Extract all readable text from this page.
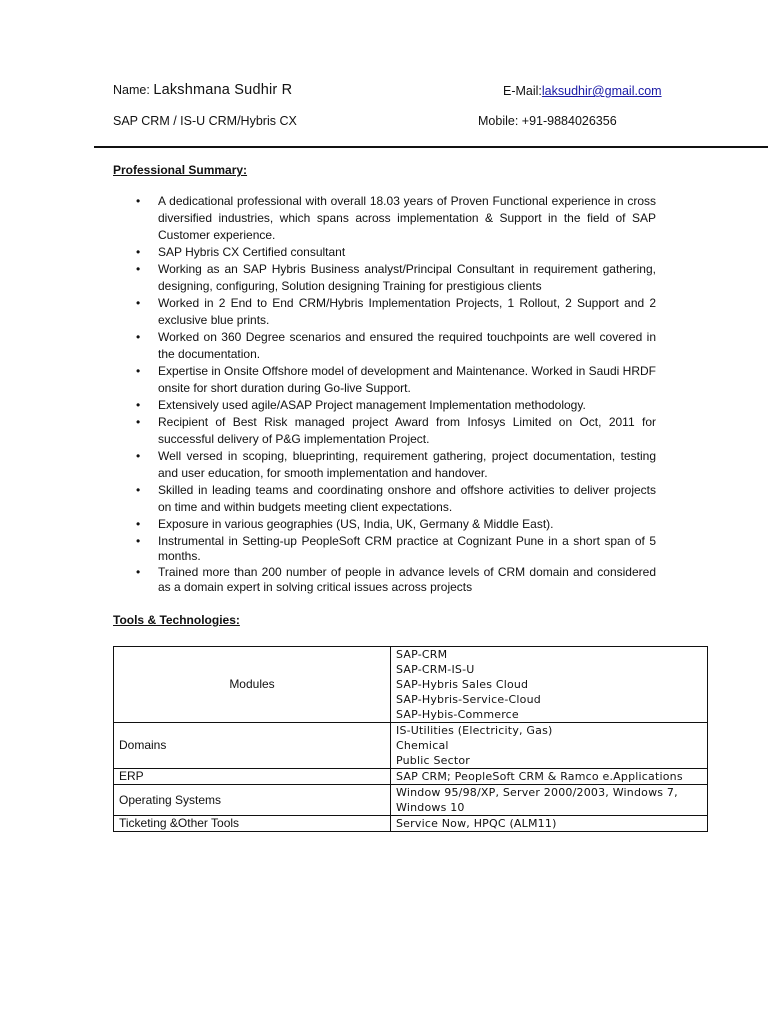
Name: Lakshmana Sudhir R	E-Mail:laksudhir@gmail.com
SAP CRM / IS-U CRM/Hybris CX	Mobile: +91-9884026356
Professional Summary:
• A dedicational professional with overall 18.03 years of Proven Functional experience in cross diversified industries, which spans across implementation & Support in the field of SAP Customer experience.
• SAP Hybris CX Certified consultant
• Working as an SAP Hybris Business analyst/Principal Consultant in requirement gathering, designing, configuring, Solution designing Training for prestigious clients
• Worked in 2 End to End CRM/Hybris Implementation Projects, 1 Rollout, 2 Support and 2 exclusive blue prints.
• Worked on 360 Degree scenarios and ensured the required touchpoints are well covered in the documentation.
• Expertise in Onsite Offshore model of development and Maintenance. Worked in Saudi HRDF onsite for short duration during Go-live Support.
• Extensively used agile/ASAP Project management Implementation methodology.
• Recipient of Best Risk managed project Award from Infosys Limited on Oct, 2011 for successful delivery of P&G implementation Project.
• Well versed in scoping, blueprinting, requirement gathering, project documentation, testing and user education, for smooth implementation and handover.
• Skilled in leading teams and coordinating onshore and offshore activities to deliver projects on time and within budgets meeting client expectations.
• Exposure in various geographies (US, India, UK, Germany & Middle East).
• Instrumental in Setting-up PeopleSoft CRM practice at Cognizant Pune in a short span of 5 months.
• Trained more than 200 number of people in advance levels of CRM domain and considered as a domain expert in solving critical issues across projects
Tools & Technologies:
Modules	SAP-CRM
SAP-CRM-IS-U
SAP-Hybris Sales Cloud
SAP-Hybris-Service-Cloud
SAP-Hybis-Commerce

Domains	IS-Utilities (Electricity, Gas)
Chemical
Public Sector

ERP	SAP CRM; PeopleSoft CRM & Ramco e.Applications

Operating Systems	Window 95/98/XP, Server 2000/2003, Windows 7,
Windows 10

Ticketing &Other Tools	Service Now, HPQC (ALM11)
